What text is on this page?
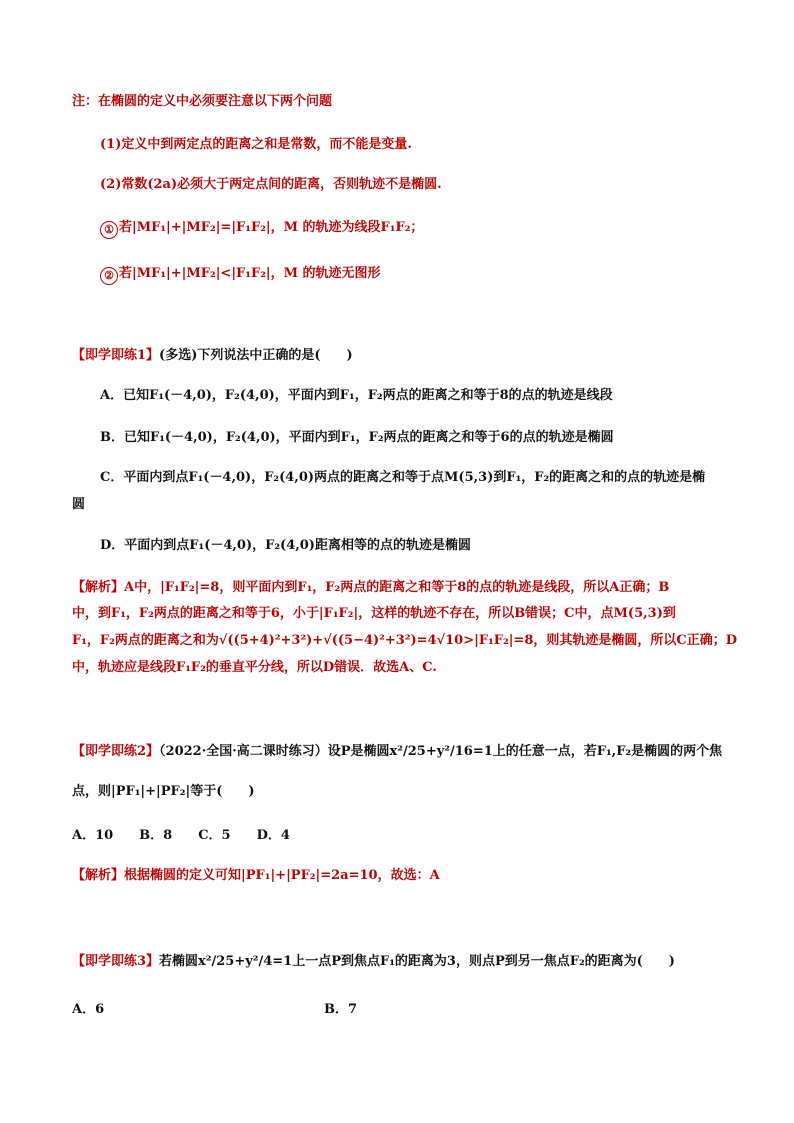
注：在椭圆的定义中必须要注意以下两个问题
(1)定义中到两定点的距离之和是常数，而不能是变量.
(2)常数(2a)必须大于两定点间的距离，否则轨迹不是椭圆.
① 若|MF₁|+|MF₂|=|F₁F₂|，M 的轨迹为线段F₁F₂；
② 若|MF₁|+|MF₂|<|F₁F₂|，M 的轨迹无图形
【即学即练1】(多选)下列说法中正确的是(　　)
A．已知F₁(－4,0)，F₂(4,0)，平面内到F₁，F₂两点的距离之和等于8的点的轨迹是线段
B．已知F₁(－4,0)，F₂(4,0)，平面内到F₁，F₂两点的距离之和等于6的点的轨迹是椭圆
C．平面内到点F₁(－4,0)，F₂(4,0)两点的距离之和等于点M(5,3)到F₁，F₂的距离之和的点的轨迹是椭
圆
D．平面内到点F₁(－4,0)，F₂(4,0)距离相等的点的轨迹是椭圆
【解析】A中，|F₁F₂|=8，则平面内到F₁，F₂两点的距离之和等于8的点的轨迹是线段，所以A正确；B
中，到F₁，F₂两点的距离之和等于6，小于|F₁F₂|，这样的轨迹不存在，所以B错误；C中，点M(5,3)到
F₁，F₂两点的距离之和为√((5+4)²+3²)+√((5−4)²+3²)=4√10>|F₁F₂|=8，则其轨迹是椭圆，所以C正确；D
中，轨迹应是线段F₁F₂的垂直平分线，所以D错误．故选A、C.
【即学即练2】（2022·全国·高二课时练习）设P是椭圆x²/25+y²/16=1上的任意一点，若F₁,F₂是椭圆的两个焦
点，则|PF₁|+|PF₂|等于(　　)
A．10　　B．8　　C．5　　D．4
【解析】根据椭圆的定义可知|PF₁|+|PF₂|=2a=10，故选：A
【即学即练3】若椭圆x²/25+y²/4=1上一点P到焦点F₁的距离为3，则点P到另一焦点F₂的距离为(　　)
A．6	B．7
